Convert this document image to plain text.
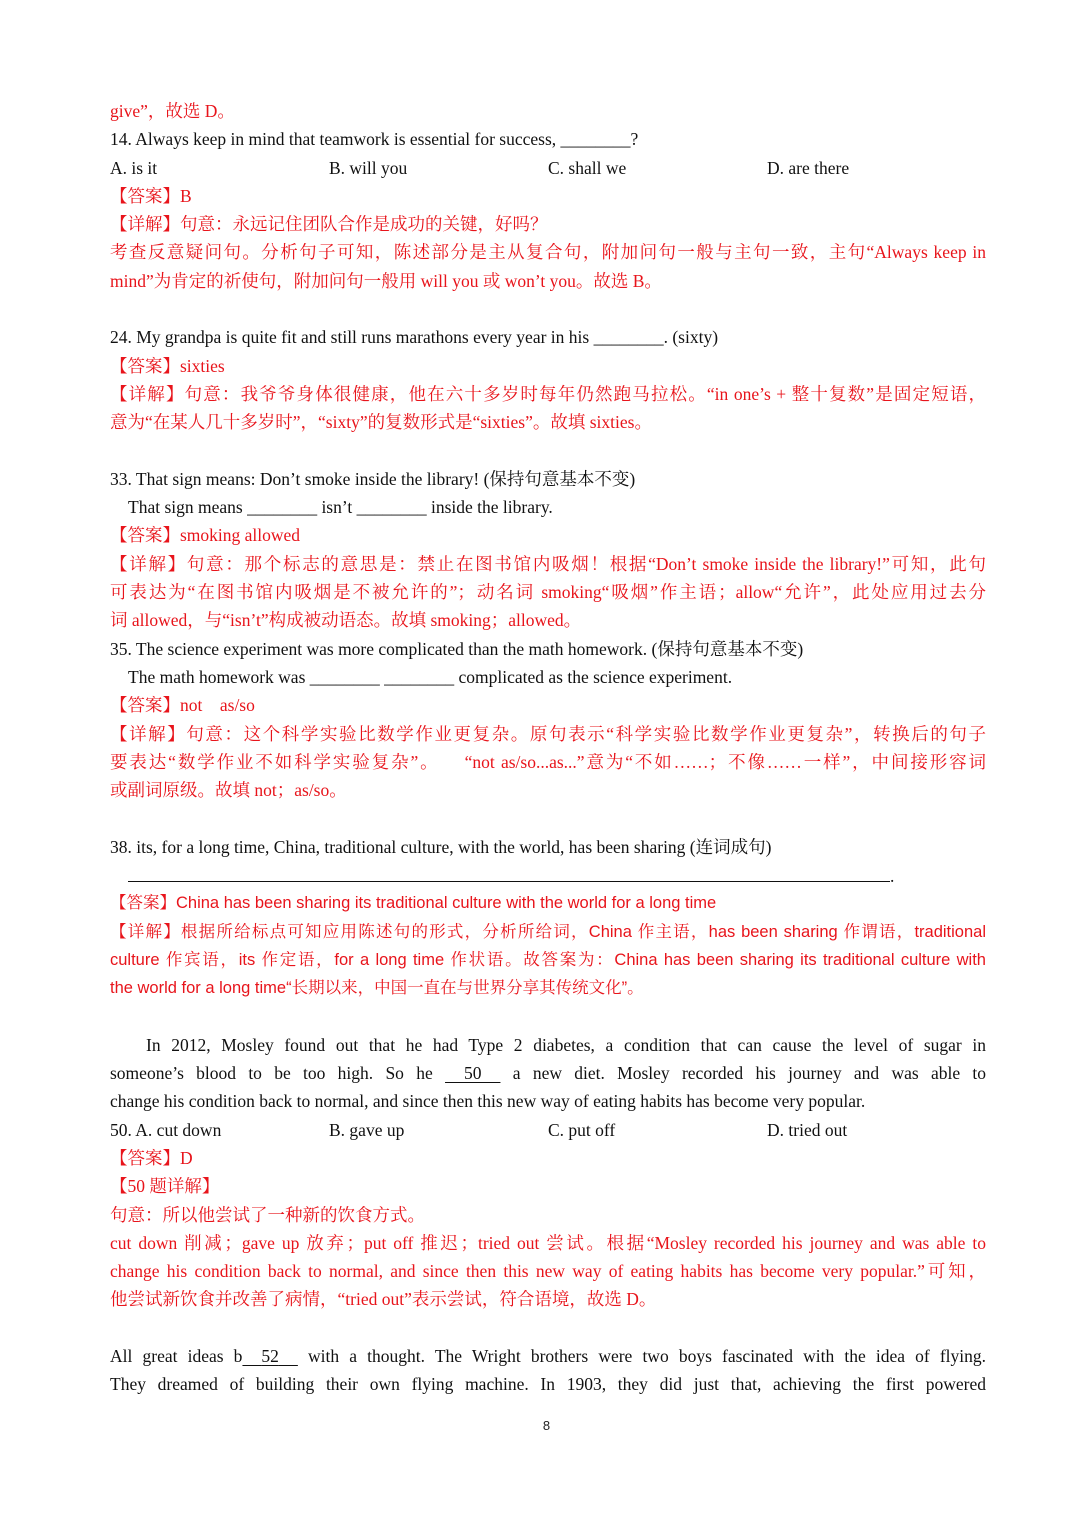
give”，故选 D。
14. Always keep in mind that teamwork is essential for success, ________?
A. is it	B. will you	C. shall we	D. are there
【答案】B
【详解】句意：永远记住团队合作是成功的关键，好吗？
考查反意疑问句。分析句子可知，陈述部分是主从复合句，附加问句一般与主句一致，主句“Always keep in
mind”为肯定的祈使句，附加问句一般用 will you 或 won’t you。故选 B。
24. My grandpa is quite fit and still runs marathons every year in his ________. (sixty)
【答案】sixties
【详解】句意：我爷爷身体很健康，他在六十多岁时每年仍然跑马拉松。“in one’s + 整十复数”是固定短语，
意为“在某人几十多岁时”，“sixty”的复数形式是“sixties”。故填 sixties。
33. That sign means: Don’t smoke inside the library! (保持句意基本不变)
That sign means ________ isn’t ________ inside the library.
【答案】smoking allowed
【详解】句意：那个标志的意思是：禁止在图书馆内吸烟！根据“Don’t smoke inside the library!”可知，此句
可表达为“在图书馆内吸烟是不被允许的”；动名词 smoking“吸烟”作主语；allow“允许”，此处应用过去分
词 allowed，与“isn’t”构成被动语态。故填 smoking；allowed。
35. The science experiment was more complicated than the math homework. (保持句意基本不变)
The math homework was ________ ________ complicated as the science experiment.
【答案】not    as/so
【详解】句意：这个科学实验比数学作业更复杂。原句表示“科学实验比数学作业更复杂”，转换后的句子
要表达“数学作业不如科学实验复杂”。    “not as/so...as...”意为“不如……；不像……一样”，中间接形容词
或副词原级。故填 not；as/so。
38. its, for a long time, China, traditional culture, with the world, has been sharing (连词成句)
.
【答案】China has been sharing its traditional culture with the world for a long time
【详解】根据所给标点可知应用陈述句的形式，分析所给词，China 作主语，has been sharing 作谓语，traditional
culture 作宾语，its 作定语，for a long time 作状语。故答案为：China has been sharing its traditional culture with
the world for a long time“长期以来，中国一直在与世界分享其传统文化”。
In 2012, Mosley found out that he had Type 2 diabetes, a condition that can cause the level of sugar in
someone’s blood to be too high. So he    50   a new diet. Mosley recorded his journey and was able to
change his condition back to normal, and since then this new way of eating habits has become very popular.
50. A. cut down	B. gave up	C. put off	D. tried out
【答案】D
【50 题详解】
句意：所以他尝试了一种新的饮食方式。
cut down 削减；gave up 放弃；put off 推迟；tried out 尝试。根据“Mosley recorded his journey and was able to
change his condition back to normal, and since then this new way of eating habits has become very popular.”可知，
他尝试新饮食并改善了病情，“tried out”表示尝试，符合语境，故选 D。
All great ideas b   52   with a thought. The Wright brothers were two boys fascinated with the idea of flying.
They dreamed of building their own flying machine. In 1903, they did just that, achieving the first powered
8
